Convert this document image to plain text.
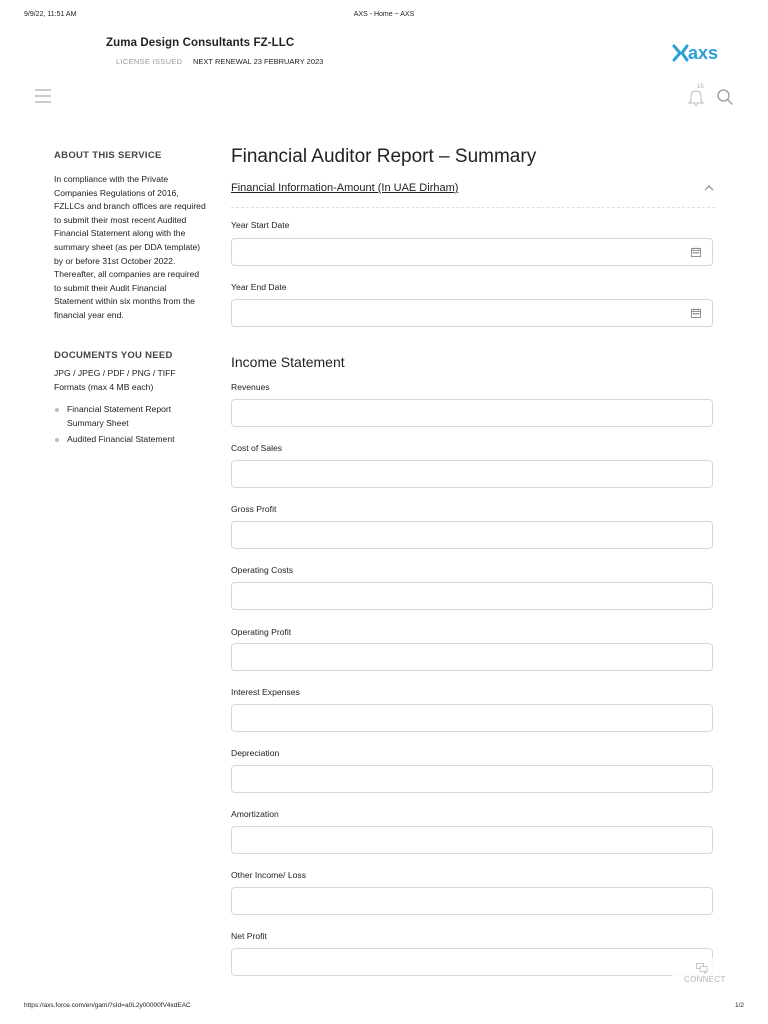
9/9/22, 11:51 AM	AXS - Home ~ AXS
Zuma Design Consultants FZ-LLC
LICENSE ISSUED NEXT RENEWAL 23 FEBRUARY 2023	axs
15
ABOUT THIS SERVICE
In compliance with the Private Companies Regulations of 2016, FZLLCs and branch offices are required to submit their most recent Audited Financial Statement along with the summary sheet (as per DDA template) by or before 31st October 2022. Thereafter, all companies are required to submit their Audit Financial Statement within six months from the financial year end.
DOCUMENTS YOU NEED
JPG / JPEG / PDF / PNG / TIFF Formats (max 4 MB each)
Financial Statement Report Summary Sheet
Audited Financial Statement
Financial Auditor Report – Summary
Financial Information-Amount (In UAE Dirham)
Year Start Date
Year End Date
Income Statement
Revenues
Cost of Sales
Gross Profit
Operating Costs
Operating Profit
Interest Expenses
Depreciation
Amortization
Other Income/ Loss
Net Profit
CONNECT
https://axs.force.com/en/gami?sId=a0L2y00000fV4xdEAC	1/2
